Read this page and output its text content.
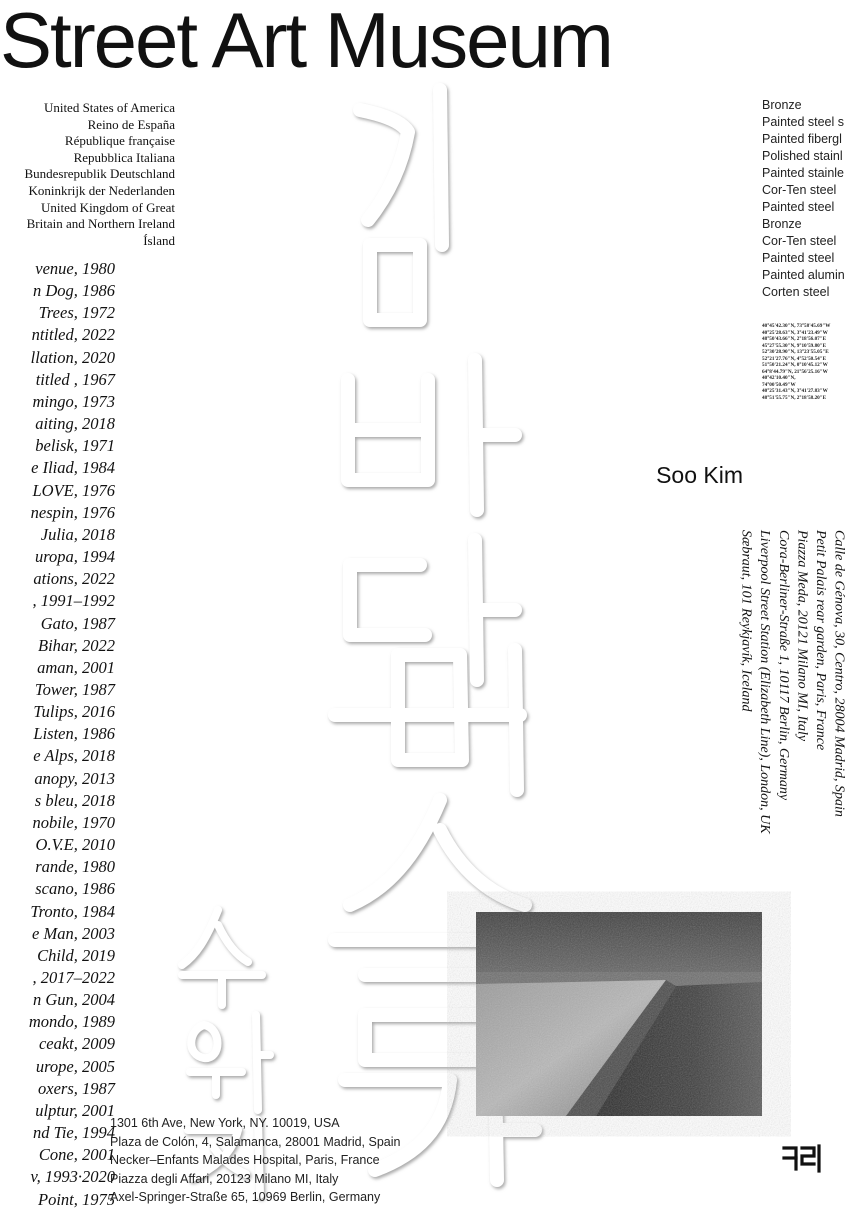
Street Art Museum
United States of America
Reino de España
République française
Repubblica Italiana
Bundesrepublik Deutschland
Koninkrijk der Nederlanden
United Kingdom of Great
Britain and Northern Ireland
Ísland
venue, 1980
n Dog, 1986
Trees, 1972
ntitled, 2022
llation, 2020
titled , 1967
mingo, 1973
aiting, 2018
belisk, 1971
e Iliad, 1984
LOVE, 1976
nespin, 1976
Julia, 2018
uropa, 1994
ations, 2022
, 1991–1992
Gato, 1987
Bihar, 2022
aman, 2001
Tower, 1987
Tulips, 2016
Listen, 1986
e Alps, 2018
anopy, 2013
s bleu, 2018
nobile, 1970
O.V.E, 2010
rande, 1980
scano, 1986
Tronto, 1984
e Man, 2003
Child, 2019
, 2017–2022
n Gun, 2004
mondo, 1989
ceakt, 2009
urope, 2005
oxers, 1987
ulptur, 2001
nd Tie, 1994
Cone, 2001
v, 1993·2020
Point, 1975
Bronze
Painted steel s
Painted fibergl
Polished stainl
Painted stainle
Cor-Ten steel
Painted steel
Bronze
Cor-Ten steel
Painted steel
Painted alumin
Corten steel
40°45'42.30"N, 73°58'45.69"W
40°25'28.63"N, 3°41'23.49"W
48°50'43.66"N, 2°18'56.07"E
45°27'55.30"N, 9°10'59.80"E
52°30'28.90"N, 13°23'55.05"E
52°21'27.76"N, 4°52'50.54"E
51°50'21.24"N, 0°10'45.12"W
64°8'44.79"N, 21°56'25.16"W
40°42'10.40"N,
74°00'50.49"W
40°25'31.43"N, 3°41'27.83"W
48°51'55.75"N, 2°18'58.20"E
Soo Kim
Calle de Génova, 30, Centro, 28004 Madrid, Spain
Petit Palais rear garden, Paris, France
Piazza Meda, 20121 Milano MI, Italy
Cora-Berliner-Straße 1, 10117 Berlin, Germany
Liverpool Street Station (Elizabeth Line), London, UK
Sæbraut, 101 Reykjavík, Iceland
1301 6th Ave, New York, NY. 10019, USA
Plaza de Colón, 4, Salamanca, 28001 Madrid, Spain
Necker–Enfants Malades Hospital, Paris, France
Piazza degli Affari, 20123 Milano MI, Italy
Axel-Springer-Straße 65, 10969 Berlin, Germany
